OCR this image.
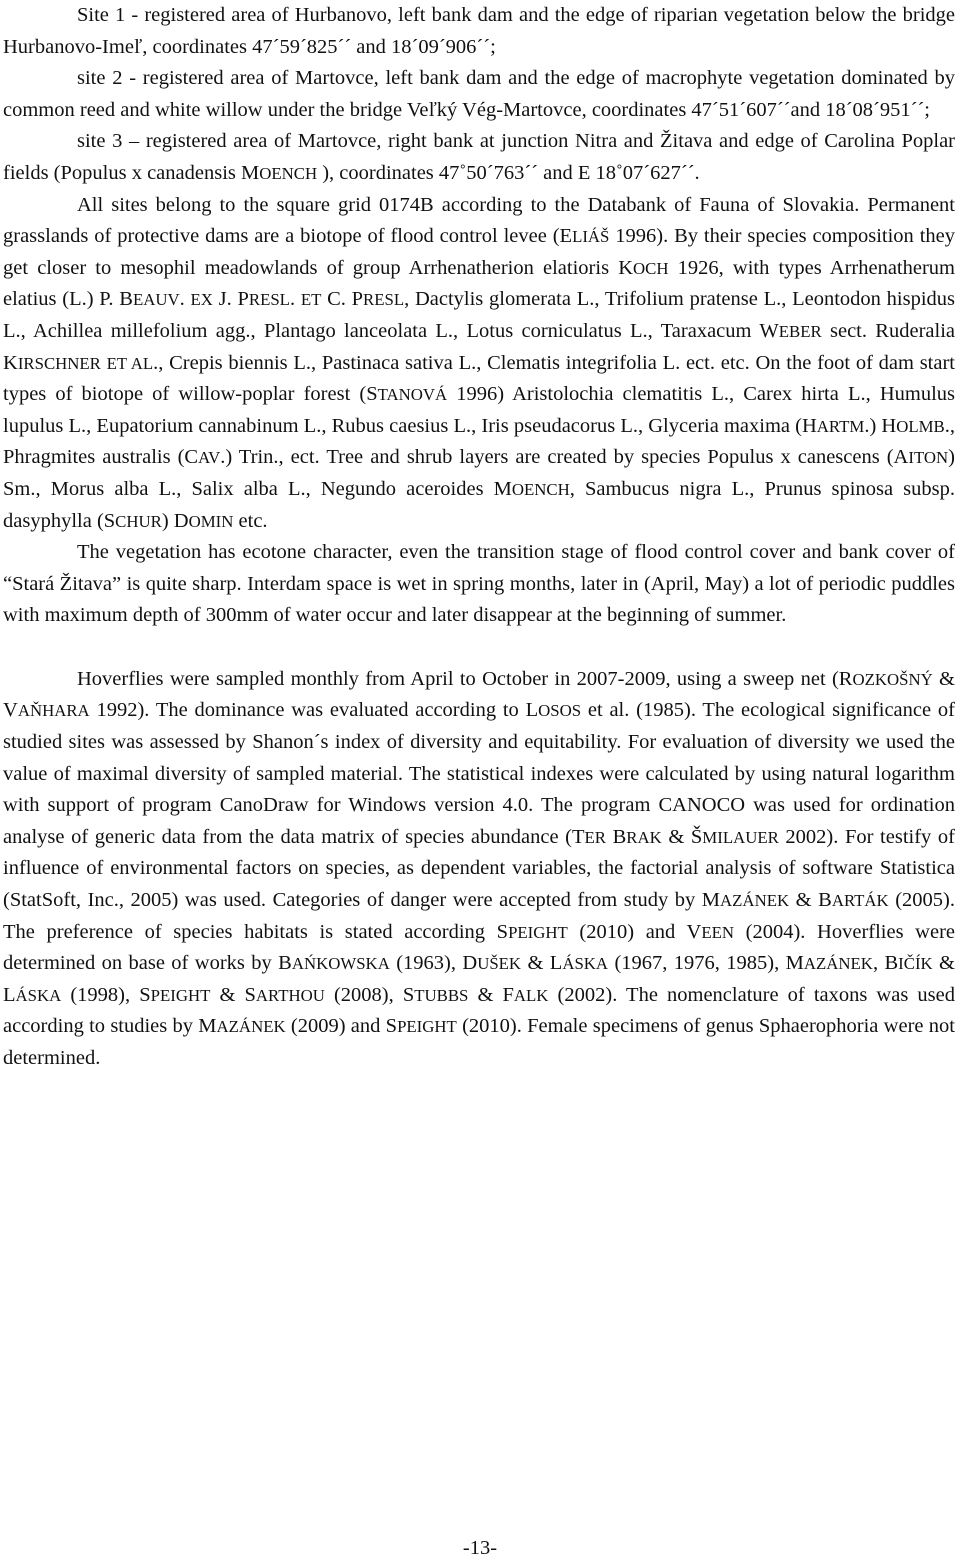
Site 1 - registered area of Hurbanovo, left bank dam and the edge of riparian vegetation below the bridge Hurbanovo-Imeľ, coordinates 47´59´825´´ and 18´09´906´´;

site 2 - registered area of Martovce, left bank dam and the edge of macrophyte vegetation dominated by common reed and white willow under the bridge Veľký Vég-Martovce, coordinates 47´51´607´´and 18´08´951´´;

site 3 – registered area of Martovce, right bank at junction Nitra and Žitava and edge of Carolina Poplar fields (Populus x canadensis MOENCH ), coordinates 47˚50´763´´ and E 18˚07´627´´.

All sites belong to the square grid 0174B according to the Databank of Fauna of Slovakia. Permanent grasslands of protective dams are a biotope of flood control levee (ELIÁŠ 1996). By their species composition they get closer to mesophil meadowlands of group Arrhenatherion elatioris KOCH 1926, with types Arrhenatherum elatius (L.) P. BEAUV. EX J. PRESL. ET C. PRESL, Dactylis glomerata L., Trifolium pratense L., Leontodon hispidus L., Achillea millefolium agg., Plantago lanceolata L., Lotus corniculatus L., Taraxacum WEBER sect. Ruderalia KIRSCHNER ET AL., Crepis biennis L., Pastinaca sativa L., Clematis integrifolia L. ect. etc. On the foot of dam start types of biotope of willow-poplar forest (STANOVÁ 1996) Aristolochia clematitis L., Carex hirta L., Humulus lupulus L., Eupatorium cannabinum L., Rubus caesius L., Iris pseudacorus L., Glyceria maxima (HARTM.) HOLMB., Phragmites australis (CAV.) Trin., ect. Tree and shrub layers are created by species Populus x canescens (AITON) Sm., Morus alba L., Salix alba L., Negundo aceroides MOENCH, Sambucus nigra L., Prunus spinosa subsp. dasyphylla (SCHUR) DOMIN etc.

The vegetation has ecotone character, even the transition stage of flood control cover and bank cover of “Stará Žitava” is quite sharp. Interdam space is wet in spring months, later in (April, May) a lot of periodic puddles with maximum depth of 300mm of water occur and later disappear at the beginning of summer.

Hoverflies were sampled monthly from April to October in 2007-2009, using a sweep net (ROZKOŠNÝ & VAŇHARA 1992). The dominance was evaluated according to LOSOS et al. (1985). The ecological significance of studied sites was assessed by Shanon´s index of diversity and equitability. For evaluation of diversity we used the value of maximal diversity of sampled material. The statistical indexes were calculated by using natural logarithm with support of program CanoDraw for Windows version 4.0. The program CANOCO was used for ordination analyse of generic data from the data matrix of species abundance (TER BRAK & ŠMILAUER 2002). For testify of influence of environmental factors on species, as dependent variables, the factorial analysis of software Statistica (StatSoft, Inc., 2005) was used. Categories of danger were accepted from study by MAZÁNEK & BARTÁK (2005). The preference of species habitats is stated according SPEIGHT (2010) and VEEN (2004). Hoverflies were determined on base of works by BAŃKOWSKA (1963), DUŠEK & LÁSKA (1967, 1976, 1985), MAZÁNEK, BIČÍK & LÁSKA (1998), SPEIGHT & SARTHOU (2008), STUBBS & FALK (2002). The nomenclature of taxons was used according to studies by MAZÁNEK (2009) and SPEIGHT (2010). Female specimens of genus Sphaerophoria were not determined.

-13-
